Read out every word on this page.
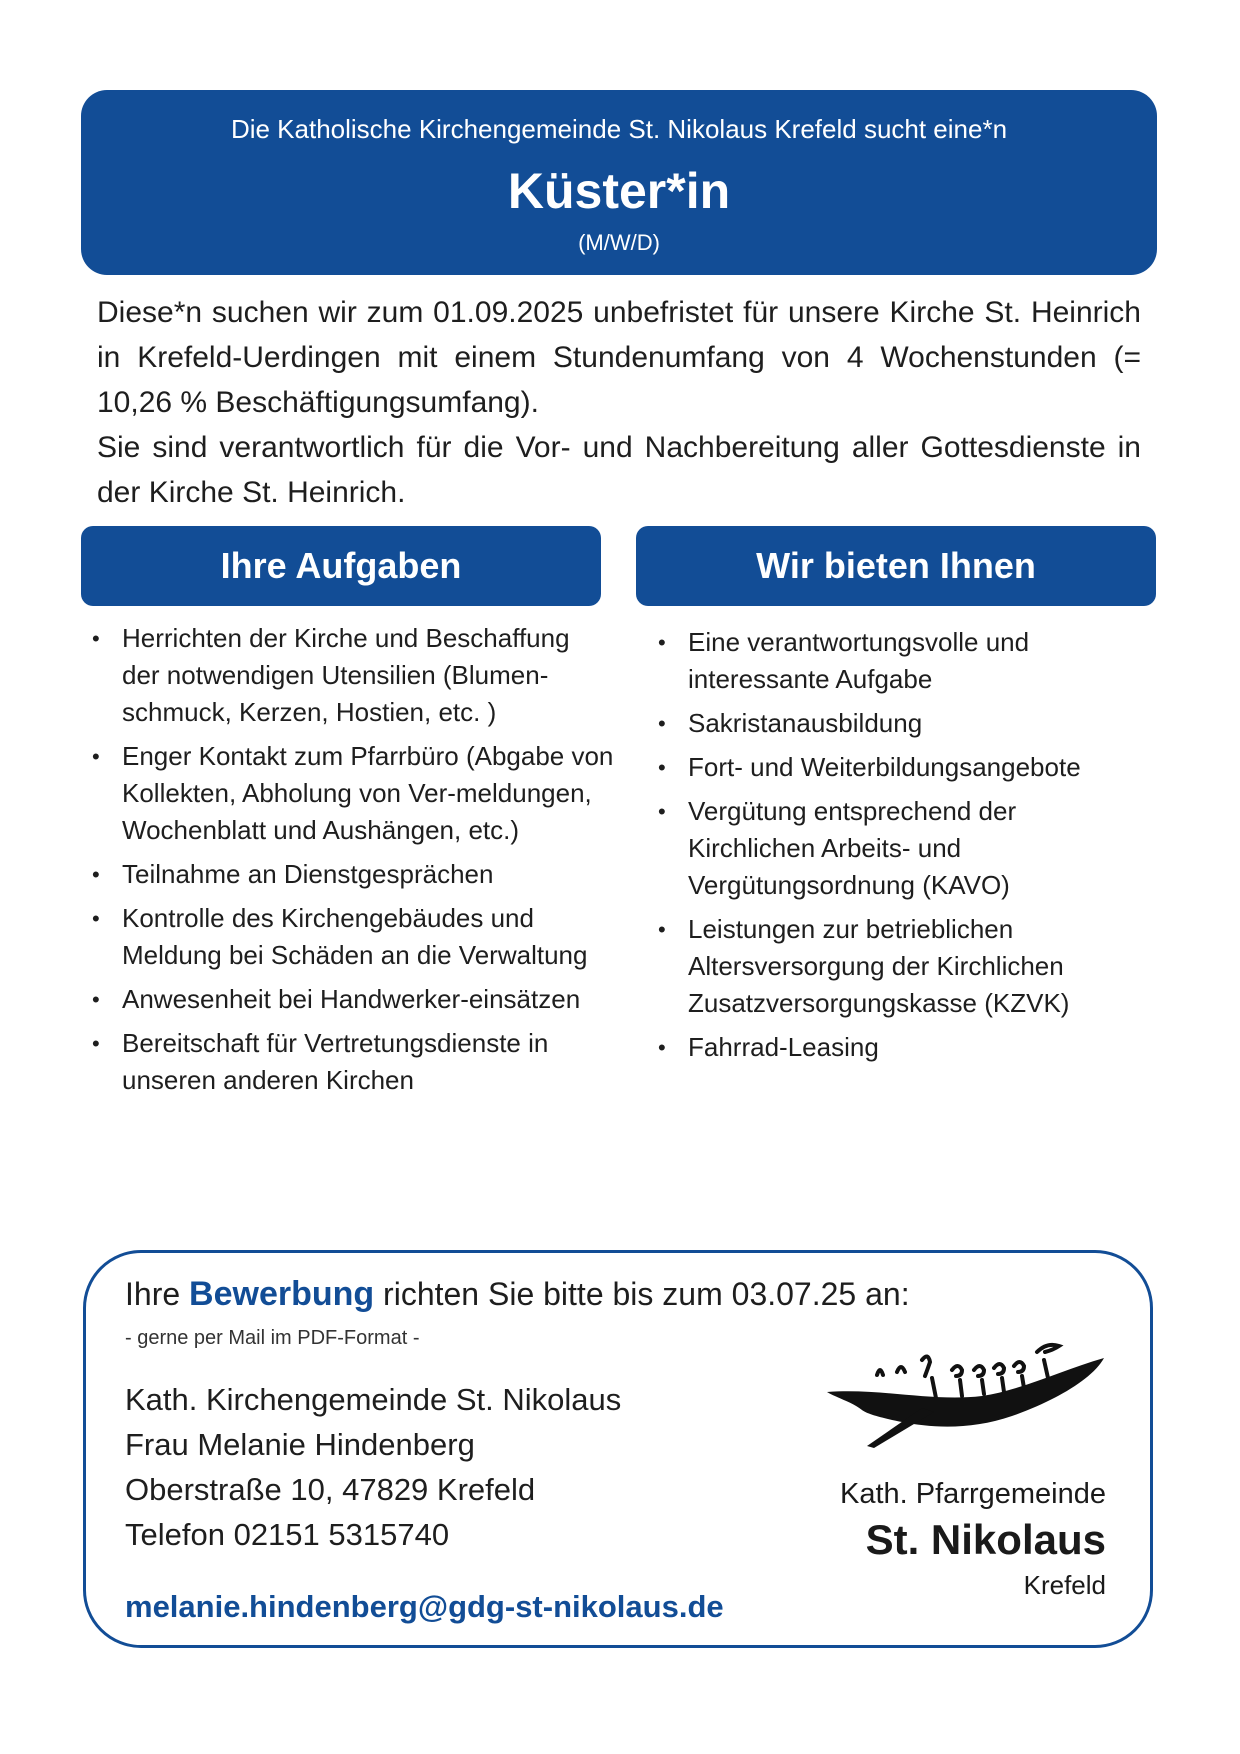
Die Katholische Kirchengemeinde St. Nikolaus Krefeld sucht eine*n
Küster*in
(M/W/D)

Diese*n suchen wir zum 01.09.2025 unbefristet für unsere Kirche St. Heinrich in Krefeld-Uerdingen mit einem Stundenumfang von 4 Wochenstunden (= 10,26 % Beschäftigungsumfang).

Sie sind verantwortlich für die Vor- und Nachbereitung aller Gottesdienste in der Kirche St. Heinrich.

Ihre Aufgaben	Wir bieten Ihnen
• Herrichten der Kirche und Beschaffung der notwendigen Utensilien (Blumen-schmuck, Kerzen, Hostien, etc. )
• Enger Kontakt zum Pfarrbüro (Abgabe von Kollekten, Abholung von Ver-meldungen, Wochenblatt und Aushängen, etc.)
• Teilnahme an Dienstgesprächen
• Kontrolle des Kirchengebäudes und Meldung bei Schäden an die Verwaltung
• Anwesenheit bei Handwerker-einsätzen
• Bereitschaft für Vertretungsdienste in unseren anderen Kirchen
• Eine verantwortungsvolle und interessante Aufgabe
• Sakristanausbildung
• Fort- und Weiterbildungsangebote
• Vergütung entsprechend der Kirchlichen Arbeits- und Vergütungsordnung (KAVO)
• Leistungen zur betrieblichen Altersversorgung der Kirchlichen Zusatzversorgungskasse (KZVK)
• Fahrrad-Leasing
Ihre Bewerbung richten Sie bitte bis zum 03.07.25 an:
- gerne per Mail im PDF-Format -
Kath. Kirchengemeinde St. Nikolaus
Frau Melanie Hindenberg
Oberstraße 10, 47829 Krefeld
Telefon 02151 5315740
melanie.hindenberg@gdg-st-nikolaus.de
Kath. Pfarrgemeinde
St. Nikolaus
Krefeld
